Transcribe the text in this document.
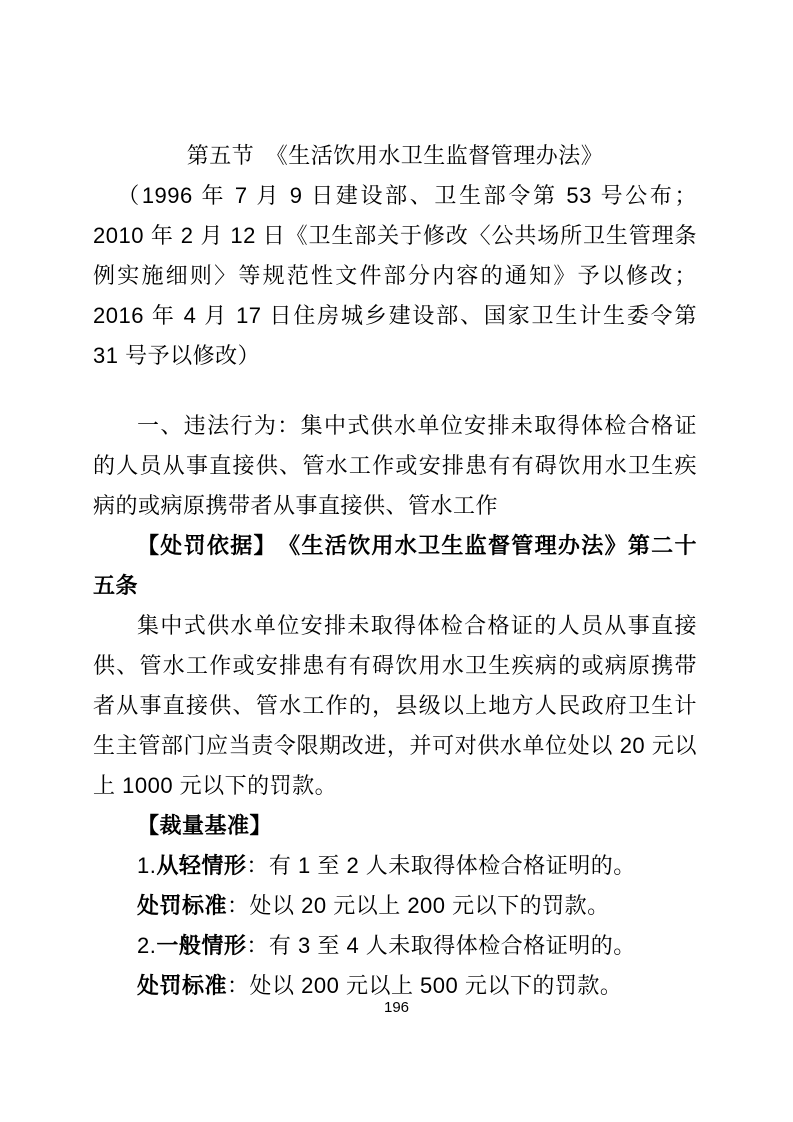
第五节　《生活饮用水卫生监督管理办法》

（1996 年 7 月 9 日建设部、卫生部令第 53 号公布；2010 年 2 月 12 日《卫生部关于修改〈公共场所卫生管理条例实施细则〉等规范性文件部分内容的通知》予以修改；2016 年 4 月 17 日住房城乡建设部、国家卫生计生委令第 31 号予以修改）

一、违法行为：集中式供水单位安排未取得体检合格证的人员从事直接供、管水工作或安排患有有碍饮用水卫生疾病的或病原携带者从事直接供、管水工作

【处罚依据】　《生活饮用水卫生监督管理办法》第二十五条

集中式供水单位安排未取得体检合格证的人员从事直接供、管水工作或安排患有有碍饮用水卫生疾病的或病原携带者从事直接供、管水工作的，县级以上地方人民政府卫生计生主管部门应当责令限期改进，并可对供水单位处以 20 元以上 1000 元以下的罚款。

【裁量基准】

1.从轻情形：有 1 至 2 人未取得体检合格证明的。

处罚标准：处以 20 元以上 200 元以下的罚款。

2.一般情形：有 3 至 4 人未取得体检合格证明的。

处罚标准：处以 200 元以上 500 元以下的罚款。

196
